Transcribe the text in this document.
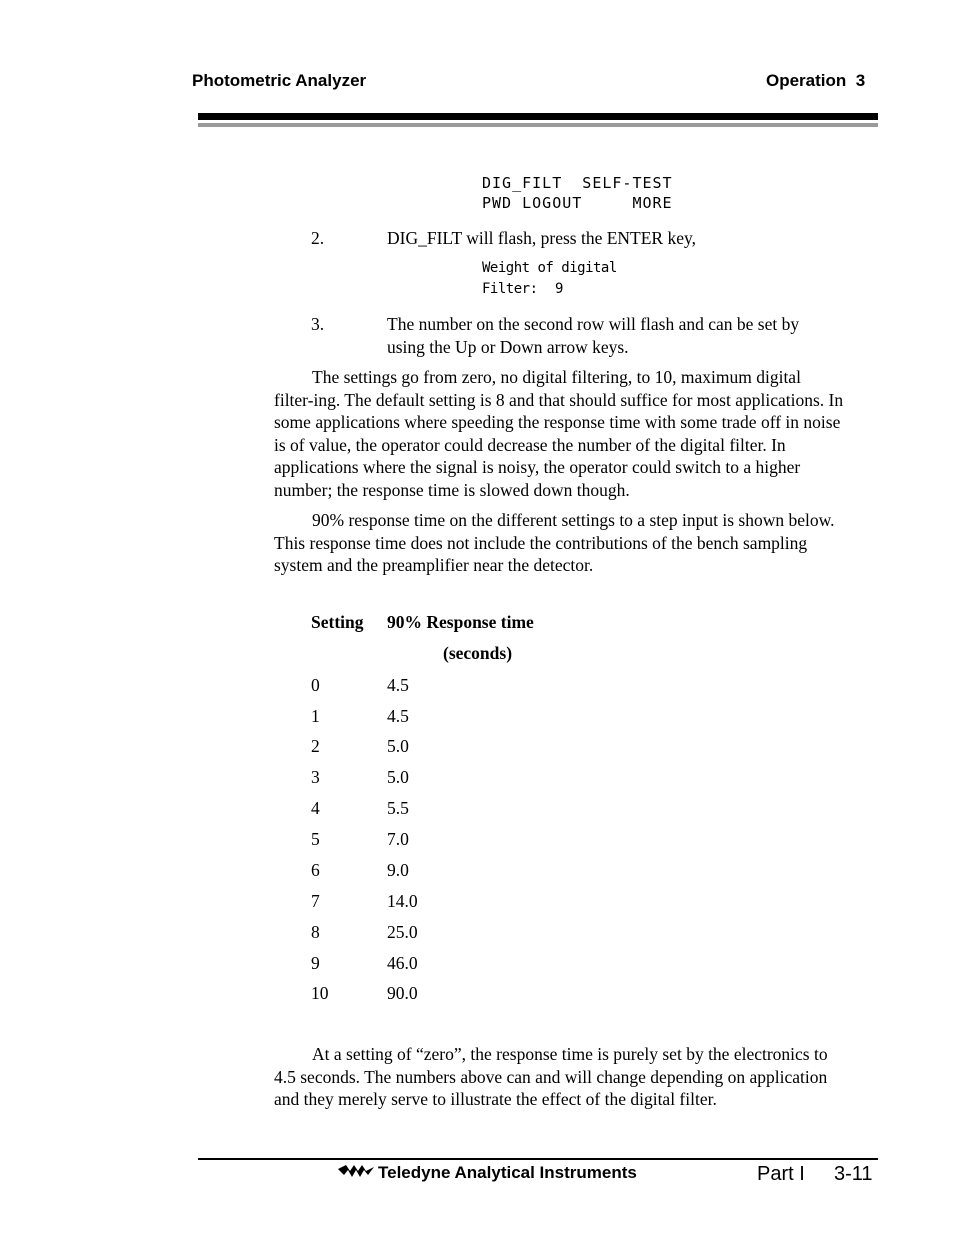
Photometric Analyzer	Operation  3
DIG_FILT  SELF-TEST
PWD LOGOUT     MORE
2.	DIG_FILT will flash, press the ENTER key,
Weight of digital
Filter: 9
3.	The number on the second row will flash and can be set by
using the Up or Down arrow keys.

The settings go from zero, no digital filtering, to 10, maximum digital filter-ing. The default setting is 8 and that should suffice for most applications. In some applications where speeding the response time with some trade off in noise is of value, the operator could decrease the number of the digital filter. In applications where the signal is noisy, the operator could switch to a higher number; the response time is slowed down though.

90% response time on the different settings to a step input is shown below. This response time does not include the contributions of the bench sampling system and the preamplifier near the detector.

Setting 90% Response time
(seconds)
0	4.5
1	4.5
2	5.0
3	5.0
4	5.5
5	7.0
6	9.0
7	14.0
8	25.0
9	46.0
10	90.0

At a setting of “zero”, the response time is purely set by the electronics to 4.5 seconds. The numbers above can and will change depending on application and they merely serve to illustrate the effect of the digital filter.

Teledyne Analytical Instruments	Part I 3-11
